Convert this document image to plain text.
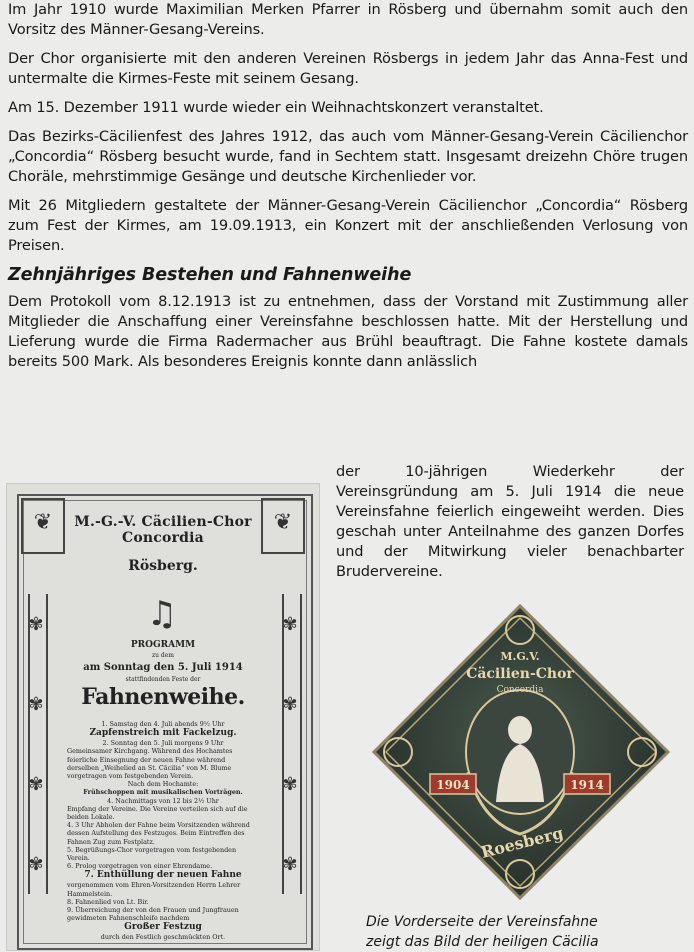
Im Jahr 1910 wurde Maximilian Merken Pfarrer in Rösberg und übernahm somit auch den Vorsitz des Männer-Gesang-Vereins.

Der Chor organisierte mit den anderen Vereinen Rösbergs in jedem Jahr das Anna-Fest und untermalte die Kirmes-Feste mit seinem Gesang.

Am 15. Dezember 1911 wurde wieder ein Weihnachtskonzert veranstaltet.

Das Bezirks-Cäcilienfest des Jahres 1912, das auch vom Männer-Gesang-Verein Cäcilienchor „Concordia“ Rösberg besucht wurde, fand in Sechtem statt. Insgesamt dreizehn Chöre trugen Choräle, mehrstimmige Gesänge und deutsche Kirchenlieder vor.

Mit 26 Mitgliedern gestaltete der Männer-Gesang-Verein Cäcilienchor „Concordia“ Rösberg zum Fest der Kirmes, am 19.09.1913, ein Konzert mit der anschließenden Verlosung von Preisen.

Zehnjähriges Bestehen und Fahnenweihe

Dem Protokoll vom 8.12.1913 ist zu entnehmen, dass der Vorstand mit Zustimmung aller Mitglieder die Anschaffung einer Vereinsfahne beschlossen hatte. Mit der Herstellung und Lieferung wurde die Firma Radermacher aus Brühl beauftragt. Die Fahne kostete damals bereits 500 Mark. Als besonderes Ereignis konnte dann anlässlich

der 10-jährigen Wiederkehr der Vereinsgründung am 5. Juli 1914 die neue Vereinsfahne feierlich eingeweiht werden. Dies geschah unter Anteilnahme des ganzen Dorfes und der Mitwirkung vieler benachbarter Brudervereine.

❦
❦
✾
✾
✾
✾
✾
✾
✾
✾
M.-G.-V. Cäcilien-Chor Concordia
Rösberg.
♫
PROGRAMM
zu dem
am Sonntag den 5. Juli 1914
stattfindenden Feste der
Fahnenweihe.
1. Samstag den 4. Juli abends 9½ Uhr
Zapfenstreich mit Fackelzug.
2. Sonntag den 5. Juli morgens 9 Uhr
Gemeinsamer Kirchgang. Während des Hochamtes feierliche Einsegnung der neuen Fahne während derselben „Weihelied an St. Cäcilia“ von M. Blume vorgetragen vom festgebenden Verein.
Nach dem Hochamte:
Frühschoppen mit musikalischen Vorträgen.
4. Nachmittags von 12 bis 2½ Uhr
Empfang der Vereine. Die Vereine verteilen sich auf die beiden Lokale.
4. 3 Uhr Abholen der Fahne beim Vorsitzenden während dessen Aufstellung des Festzuges. Beim Eintreffen des Fahnen Zug zum Festplatz.
5. Begrüßungs-Chor vorgetragen vom festgebenden Verein.
6. Prolog vorgetragen von einer Ehrendame.
7. Enthüllung der neuen Fahne
vorgenommen vom Ehren-Vorsitzenden Herrn Lehrer Hammelstein.
8. Fahnenlied von Lt. Bir.
9. Überreichung der von den Frauen und Jungfrauen gewidmeten Fahnenschleife nachdem
Großer Festzug
durch den Festlich geschmückten Ort.
M.G.V.
Cäcilien-Chor
Concordia
1904	1914
Roesberg
Die Vorderseite der Vereinsfahne
zeigt das Bild der heiligen Cäcilia
